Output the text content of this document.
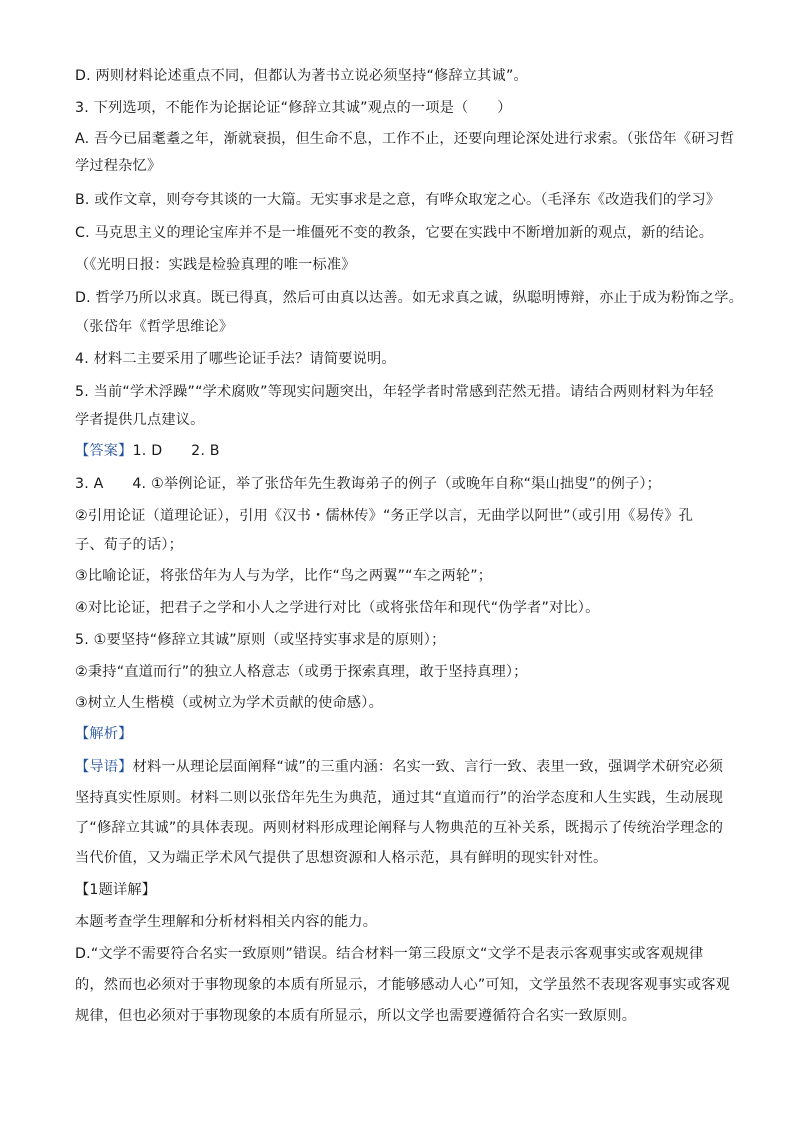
D. 两则材料论述重点不同，但都认为著书立说必须坚持“修辞立其诚”。
3. 下列选项，不能作为论据论证“修辞立其诚”观点的一项是（　　）
A. 吾今已届耄耋之年，渐就衰损，但生命不息，工作不止，还要向理论深处进行求索。（张岱年《研习哲
学过程杂忆》
B. 或作文章，则夸夸其谈的一大篇。无实事求是之意，有哗众取宠之心。（毛泽东《改造我们的学习》
C. 马克思主义的理论宝库并不是一堆僵死不变的教条，它要在实践中不断增加新的观点，新的结论。
（《光明日报：实践是检验真理的唯一标准》
D. 哲学乃所以求真。既已得真，然后可由真以达善。如无求真之诚，纵聪明博辩，亦止于成为粉饰之学。
（张岱年《哲学思维论》
4. 材料二主要采用了哪些论证手法？请简要说明。
5. 当前“学术浮躁”“学术腐败”等现实问题突出，年轻学者时常感到茫然无措。请结合两则材料为年轻
学者提供几点建议。
【答案】1. D　　2. B
3. A　　4. ①举例论证，举了张岱年先生教诲弟子的例子（或晚年自称“渠山拙叟”的例子）；
②引用论证（道理论证），引用《汉书・儒林传》“务正学以言，无曲学以阿世”（或引用《易传》孔
子、荀子的话）；
③比喻论证，将张岱年为人与为学，比作“鸟之两翼”“车之两轮”；
④对比论证，把君子之学和小人之学进行对比（或将张岱年和现代“伪学者”对比）。
5. ①要坚持“修辞立其诚”原则（或坚持实事求是的原则）；
②秉持“直道而行”的独立人格意志（或勇于探索真理，敢于坚持真理）；
③树立人生楷模（或树立为学术贡献的使命感）。
【解析】
【导语】材料一从理论层面阐释“诚”的三重内涵：名实一致、言行一致、表里一致，强调学术研究必须
坚持真实性原则。材料二则以张岱年先生为典范，通过其“直道而行”的治学态度和人生实践，生动展现
了“修辞立其诚”的具体表现。两则材料形成理论阐释与人物典范的互补关系，既揭示了传统治学理念的
当代价值，又为端正学术风气提供了思想资源和人格示范，具有鲜明的现实针对性。
【1题详解】
本题考查学生理解和分析材料相关内容的能力。
D.“文学不需要符合名实一致原则”错误。结合材料一第三段原文“文学不是表示客观事实或客观规律
的，然而也必须对于事物现象的本质有所显示，才能够感动人心”可知，文学虽然不表现客观事实或客观
规律，但也必须对于事物现象的本质有所显示，所以文学也需要遵循符合名实一致原则。
